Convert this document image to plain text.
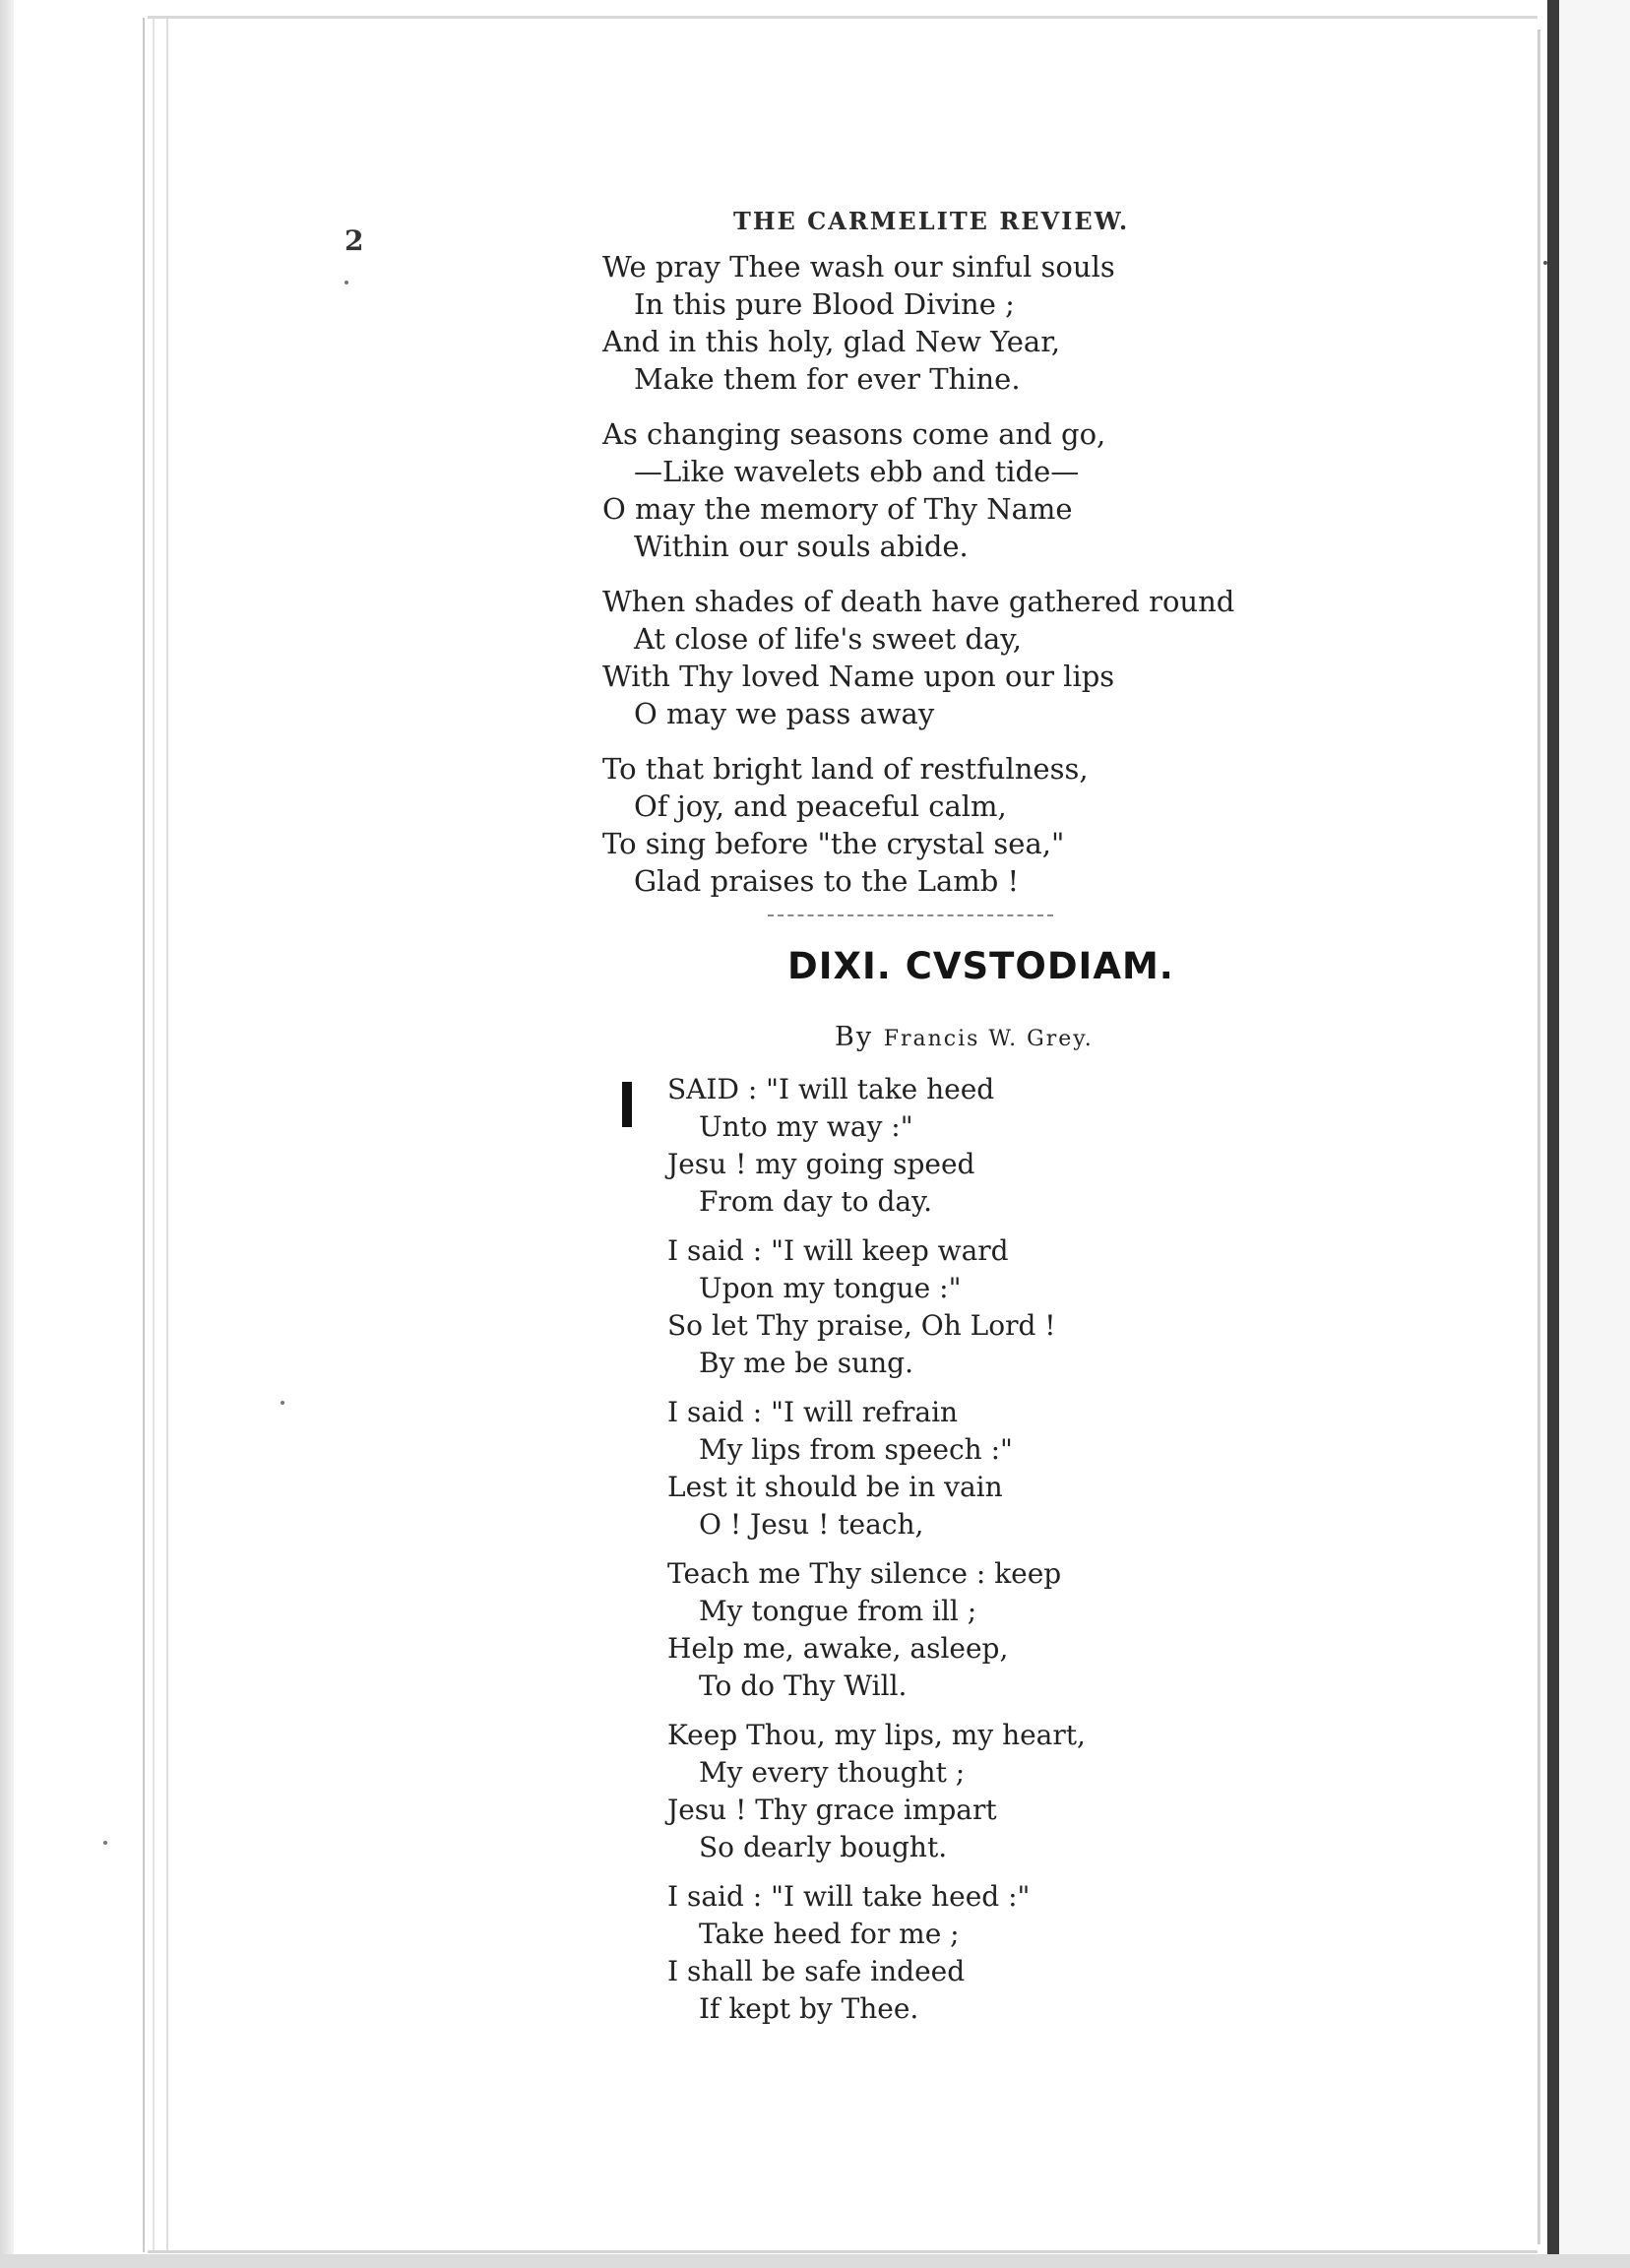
2
THE CARMELITE REVIEW.
We pray Thee wash our sinful souls
In this pure Blood Divine ;
And in this holy, glad New Year,
Make them for ever Thine.
As changing seasons come and go,
—Like wavelets ebb and tide—
O may the memory of Thy Name
Within our souls abide.
When shades of death have gathered round
At close of life's sweet day,
With Thy loved Name upon our lips
O may we pass away
To that bright land of restfulness,
Of joy, and peaceful calm,
To sing before "the crystal sea,"
Glad praises to the Lamb !
DIXI. CVSTODIAM.
By Francis W. Grey.
SAID : "I will take heed
Unto my way :"
Jesu ! my going speed
From day to day.
I said : "I will keep ward
Upon my tongue :"
So let Thy praise, Oh Lord !
By me be sung.
I said : "I will refrain
My lips from speech :"
Lest it should be in vain
O ! Jesu ! teach,
Teach me Thy silence : keep
My tongue from ill ;
Help me, awake, asleep,
To do Thy Will.
Keep Thou, my lips, my heart,
My every thought ;
Jesu ! Thy grace impart
So dearly bought.
I said : "I will take heed :"
Take heed for me ;
I shall be safe indeed
If kept by Thee.
